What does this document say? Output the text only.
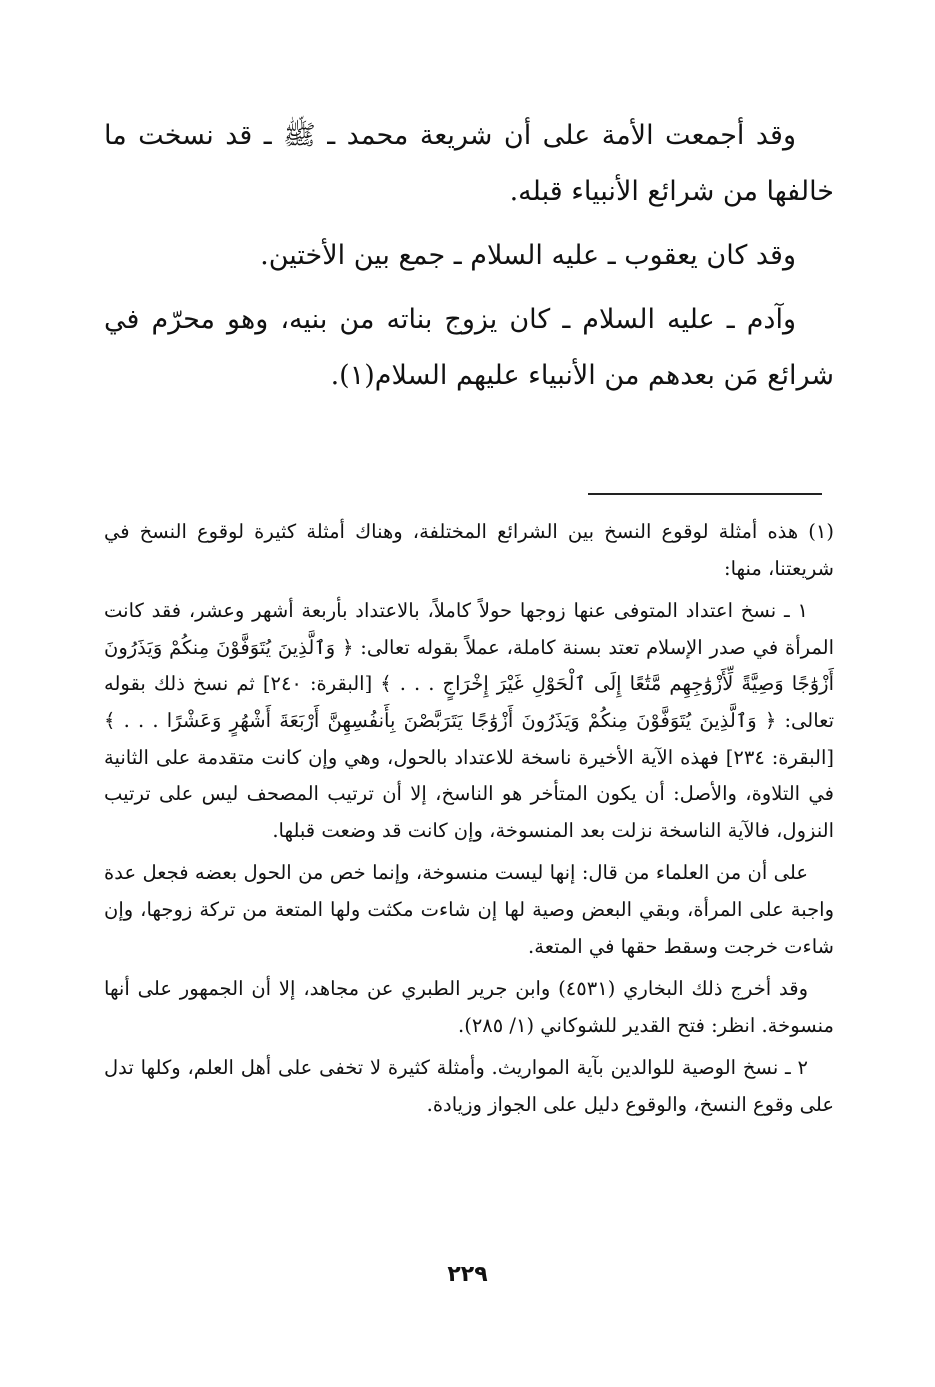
وقد أجمعت الأمة على أن شريعة محمد ـ ﷺ ـ قد نسخت ما خالفها من شرائع الأنبياء قبله.

وقد كان يعقوب ـ عليه السلام ـ جمع بين الأختين.

وآدم ـ عليه السلام ـ كان يزوج بناته من بنيه، وهو محرّم في شرائع مَن بعدهم من الأنبياء عليهم السلام(١).

(١) هذه أمثلة لوقوع النسخ بين الشرائع المختلفة، وهناك أمثلة كثيرة لوقوع النسخ في شريعتنا، منها:

١ ـ نسخ اعتداد المتوفى عنها زوجها حولاً كاملاً، بالاعتداد بأربعة أشهر وعشر، فقد كانت المرأة في صدر الإسلام تعتد بسنة كاملة، عملاً بقوله تعالى: ﴿ وَٱلَّذِينَ يُتَوَفَّوْنَ مِنكُمْ وَيَذَرُونَ أَزْوَٰجًا وَصِيَّةً لِّأَزْوَٰجِهِم مَّتَٰعًا إِلَى ٱلْحَوْلِ غَيْرَ إِخْرَاجٍ . . . ﴾ [البقرة: ٢٤٠] ثم نسخ ذلك بقوله تعالى: ﴿ وَٱلَّذِينَ يُتَوَفَّوْنَ مِنكُمْ وَيَذَرُونَ أَزْوَٰجًا يَتَرَبَّصْنَ بِأَنفُسِهِنَّ أَرْبَعَةَ أَشْهُرٍ وَعَشْرًا . . . ﴾ [البقرة: ٢٣٤] فهذه الآية الأخيرة ناسخة للاعتداد بالحول، وهي وإن كانت متقدمة على الثانية في التلاوة، والأصل: أن يكون المتأخر هو الناسخ، إلا أن ترتيب المصحف ليس على ترتيب النزول، فالآية الناسخة نزلت بعد المنسوخة، وإن كانت قد وضعت قبلها.

على أن من العلماء من قال: إنها ليست منسوخة، وإنما خص من الحول بعضه فجعل عدة واجبة على المرأة، وبقي البعض وصية لها إن شاءت مكثت ولها المتعة من تركة زوجها، وإن شاءت خرجت وسقط حقها في المتعة.

وقد أخرج ذلك البخاري (٤٥٣١) وابن جرير الطبري عن مجاهد، إلا أن الجمهور على أنها منسوخة. انظر: فتح القدير للشوكاني (١/ ٢٨٥).

٢ ـ نسخ الوصية للوالدين بآية المواريث. وأمثلة كثيرة لا تخفى على أهل العلم، وكلها تدل على وقوع النسخ، والوقوع دليل على الجواز وزيادة.

٢٢٩
